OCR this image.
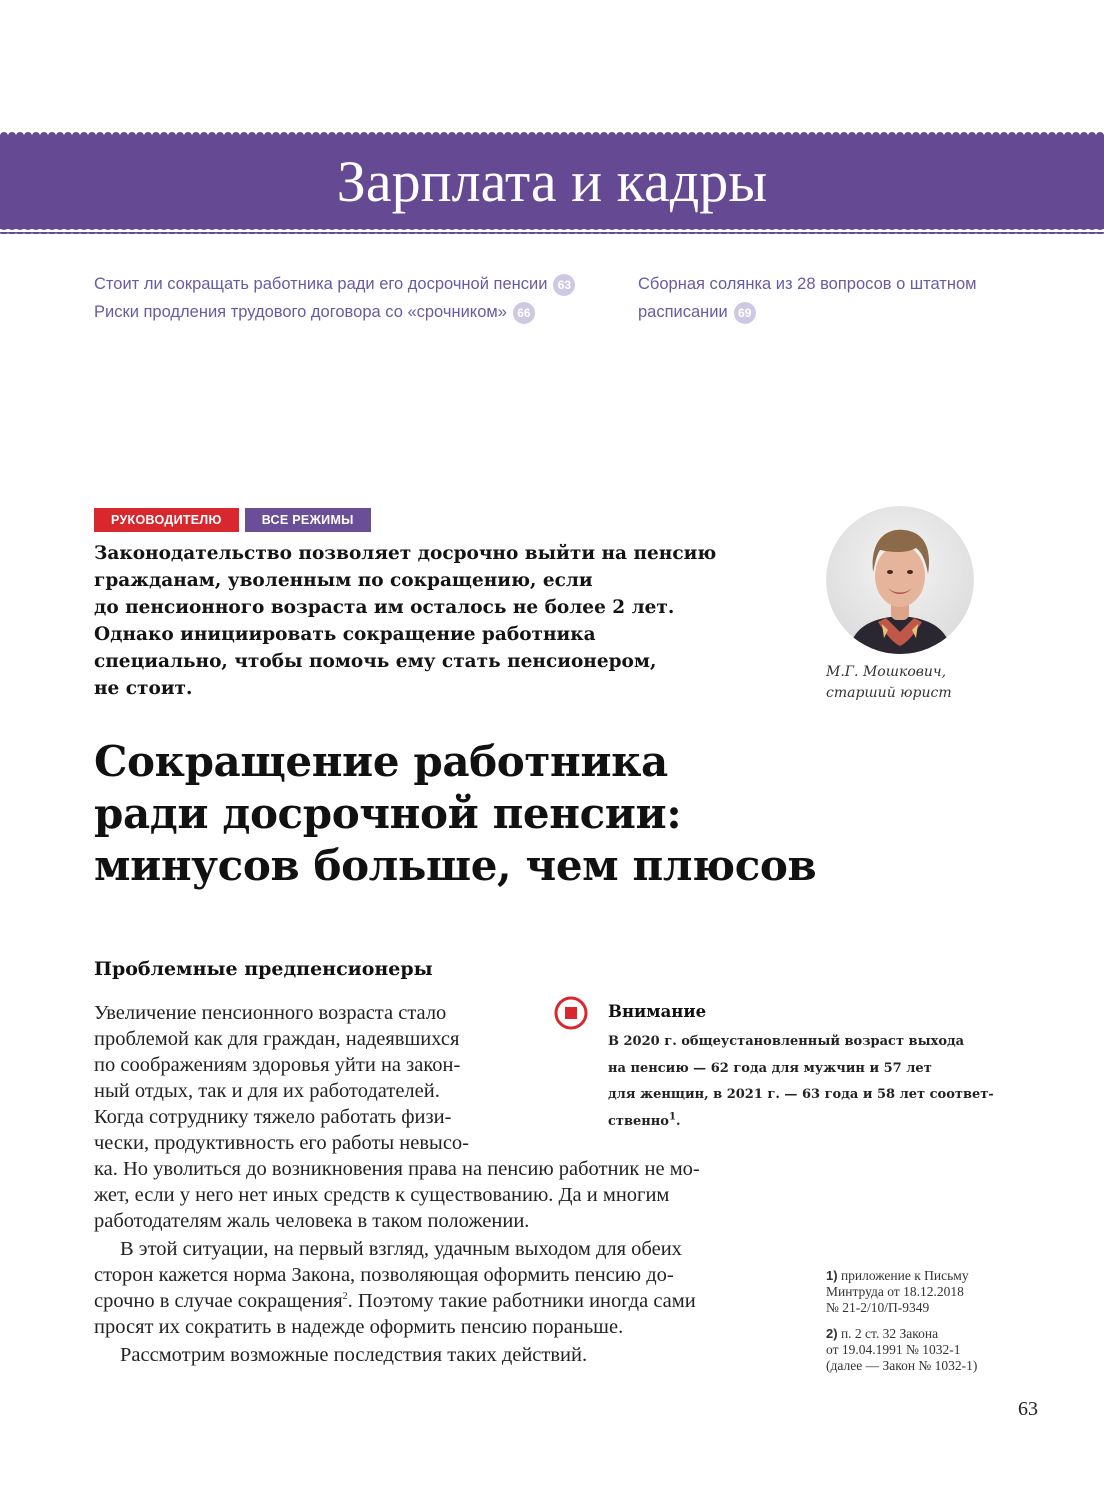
Зарплата и кадры
Стоит ли сокращать работника ради его досрочной пенсии 63
Риски продления трудового договора со «срочником» 66
Сборная солянка из 28 вопросов о штатном
расписании 69
РУКОВОДИТЕЛЮ	ВСЕ РЕЖИМЫ
Законодательство позволяет досрочно выйти на пенсию
гражданам, уволенным по сокращению, если
до пенсионного возраста им осталось не более 2 лет.
Однако инициировать сокращение работника
специально, чтобы помочь ему стать пенсионером,
не стоит.
М.Г. Мошкович,
старший юрист
Сокращение работника
ради досрочной пенсии:
минусов больше, чем плюсов
Проблемные предпенсионеры
Увеличение пенсионного возраста стало
проблемой как для граждан, надеявшихся
по соображениям здоровья уйти на закон-
ный отдых, так и для их работодателей.
Когда сотруднику тяжело работать физи-
чески, продуктивность его работы невысо-
ка. Но уволиться до возникновения права на пенсию работник не мо-
жет, если у него нет иных средств к существованию. Да и многим
работодателям жаль человека в таком положении.
В этой ситуации, на первый взгляд, удачным выходом для обеих
сторон кажется норма Закона, позволяющая оформить пенсию до-
срочно в случае сокращения$^2$. Поэтому такие работники иногда сами
просят их сократить в надежде оформить пенсию пораньше.
Рассмотрим возможные последствия таких действий.
Внимание
В 2020 г. общеустановленный возраст выхода
на пенсию — 62 года для мужчин и 57 лет
для женщин, в 2021 г. — 63 года и 58 лет соответ-
ственно$^1$.
1) приложение к Письму
Минтруда от 18.12.2018
№ 21-2/10/П-9349
2) п. 2 ст. 32 Закона
от 19.04.1991 № 1032-1
(далее — Закон № 1032-1)
63
